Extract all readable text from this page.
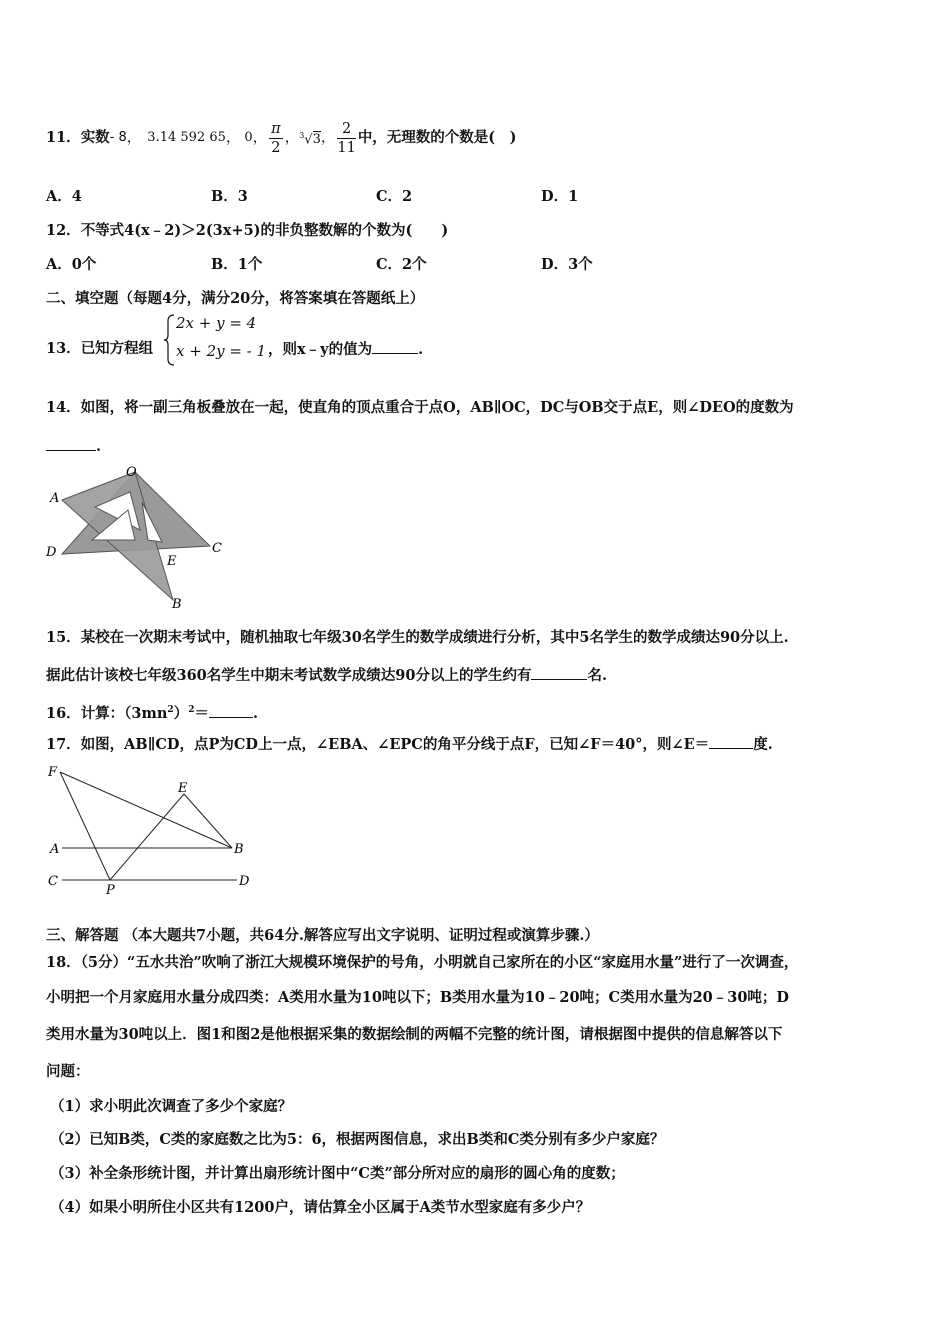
11． 实数 - 8 ， 3.14 592 65 ， 0 ， $\frac{\pi}{2}$ ， $^3$√3 ， $\frac{2}{11}$ 中，无理数的个数是(　)
A．4	B．3	C．2	D．1
12．不等式4(x﹣2)＞2(3x+5)的非负整数解的个数为(　　)
A．0个	B．1个	C．2个	D．3个
二、填空题（每题4分，满分20分，将答案填在答题纸上）
13．已知方程组
2x + y = 4
x + 2y = - 1 ，则x﹣y的值为	.
14．如图，将一副三角板叠放在一起，使直角的顶点重合于点O，AB∥OC，DC与OB交于点E，则∠DEO的度数为
.
O
A
D
E
C
B
15．某校在一次期末考试中，随机抽取七年级30名学生的数学成绩进行分析，其中5名学生的数学成绩达90分以上.
据此估计该校七年级360名学生中期末考试数学成绩达90分以上的学生约有	名.
16．计算：$(3mn^2)^2=$	.
17．如图，AB∥CD，点P为CD上一点，∠EBA、∠EPC的角平分线于点F，已知∠F＝40°，则∠E＝	度.
F
E
A	B
C
P
D
三、解答题 （本大题共7小题，共64分.解答应写出文字说明、证明过程或演算步骤.）
18．（5分）“五水共治”吹响了浙江大规模环境保护的号角，小明就自己家所在的小区“家庭用水量”进行了一次调查，
小明把一个月家庭用水量分成四类：A类用水量为10吨以下；B类用水量为10﹣20吨；C类用水量为20﹣30吨；D
类用水量为30吨以上．图1和图2是他根据采集的数据绘制的两幅不完整的统计图，请根据图中提供的信息解答以下
问题：
（1）求小明此次调查了多少个家庭？
（2）已知B类，C类的家庭数之比为5：6，根据两图信息，求出B类和C类分别有多少户家庭？
（3）补全条形统计图，并计算出扇形统计图中“C类”部分所对应的扇形的圆心角的度数；
（4）如果小明所住小区共有1200户，请估算全小区属于A类节水型家庭有多少户？
